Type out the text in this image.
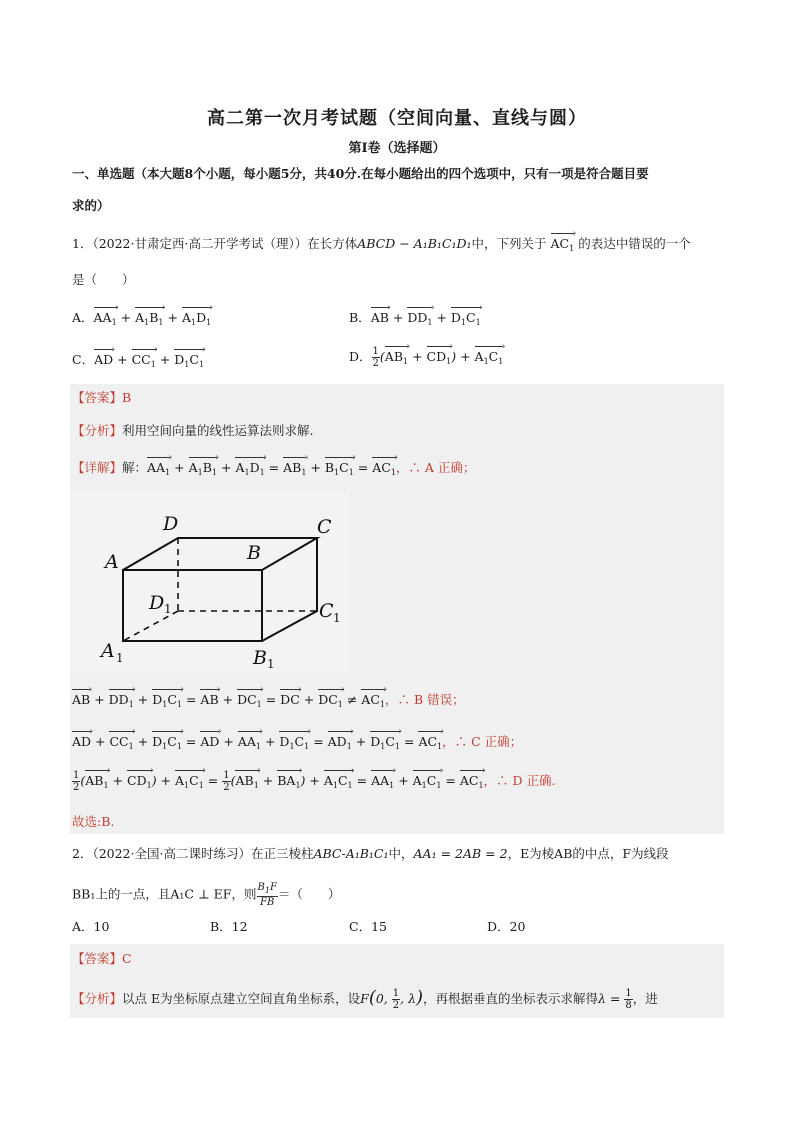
高二第一次月考试题（空间向量、直线与圆）
第Ⅰ卷（选择题）
一、单选题（本大题8个小题，每小题5分，共40分.在每小题给出的四个选项中，只有一项是符合题目要
求的）
1．（2022·甘肃定西·高二开学考试（理））在长方体ABCD − A₁B₁C₁D₁中，下列关于 $AC_1$ › 的表达中错误的一个
是（　　）
A．$AA_1$ › + $A_1B_1$ › + $A_1D_1$ ›	B．AB › + $DD_1$ › + $D_1C_1$ ›
C．AD › + $CC_1$ › + $D_1C_1$ ›
D． $\frac{1}{2} (AB_1$ › + $CD_1$ ›) + $A_1C_1$ ›
【答案】B
【分析】利用空间向量的线性运算法则求解.
【详解】解：$AA_1$ › + $A_1B_1$ › + $A_1D_1$ › = $AB_1$ › + $B_1C_1$ › = $AC_1$ ›，∴ A 正确；
D	C
A	B
D	C
A	B
1
1
1	1
AB › + $DD_1$ › + $D_1C_1$ › = AB › + $DC_1$ › = DC › + $DC_1$ › ≠ $AC_1$ ›，∴ B 错误；
AD › + $CC_1$ › + $D_1C_1$ › = AD › + $AA_1$ › + $D_1C_1$ › = $AD_1$ › + $D_1C_1$ › = $AC_1$ ›，∴ C 正确；
$\frac{1}{2} (AB_1$ › + $CD_1$ ›) + $A_1C_1$ › = $\frac{1}{2} (AB_1$ › + $BA_1$ ›) + $A_1C_1$ › = $AA_1$ › + $A_1C_1$ › = $AC_1$ ›，∴ D 正确.
故选:B.
2．（2022·全国·高二课时练习）在正三棱柱ABC-A₁B₁C₁中，AA₁ = 2AB = 2，E为棱AB的中点，F为线段
BB₁上的一点，且A₁C ⊥ EF，则 $\frac{B_1F}{FB}$ ＝（　　）
A．10	B．12	C．15	D．20
【答案】C
【分析】以点 E为坐标原点建立空间直角坐标系，设F(0, $\frac{1}{2}$ , λ)，再根据垂直的坐标表示求解得$\lambda = \frac{1}{8}$ ，进
